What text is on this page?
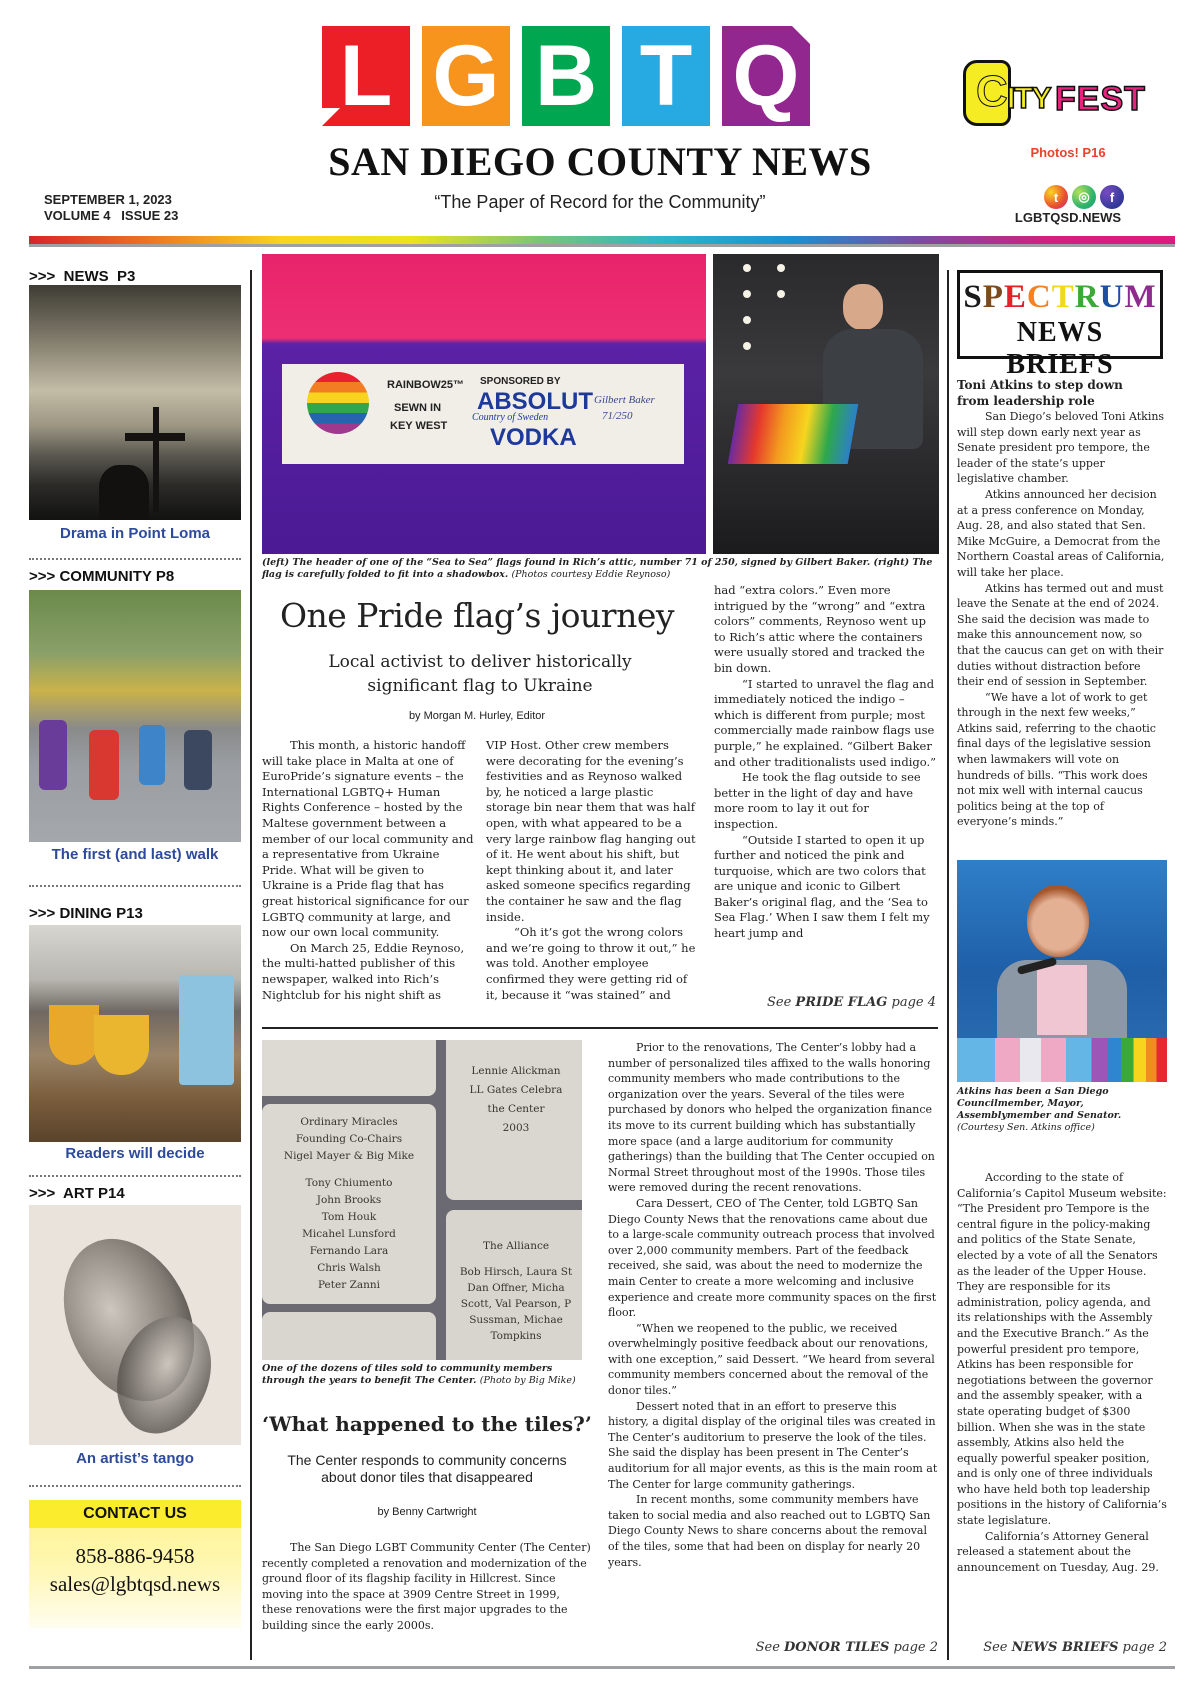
L G B T Q
SAN DIEGO COUNTY NEWS
“The Paper of Record for the Community”
SEPTEMBER 1, 2023
VOLUME 4   ISSUE 23
C ITY FEST
Photos! P16
t ◎ f
LGBTQSD.NEWS
>>>  NEWS  P3
Drama in Point Loma
>>> COMMUNITY P8
The first (and last) walk
>>> DINING P13
Readers will decide
>>>  ART P14
An artist’s tango
CONTACT US
858-886-9458
sales@lgbtqsd.news
RAINBOW25™
SEWN IN
KEY WEST
SPONSORED BY
ABSOLUT
Country of Sweden
VODKA
Gilbert Baker
71/250
(left) The header of one of the “Sea to Sea” flags found in Rich’s attic, number 71 of 250, signed by Gilbert Baker. (right) The flag is carefully folded to fit into a shadowbox. (Photos courtesy Eddie Reynoso)
One Pride flag’s journey
Local activist to deliver historically significant flag to Ukraine
by Morgan M. Hurley, Editor

This month, a historic handoff will take place in Malta at one of EuroPride’s signature events – the International LGBTQ+ Human Rights Conference – hosted by the Maltese government between a member of our local community and a representative from Ukraine Pride. What will be given to Ukraine is a Pride flag that has great historical significance for our LGBTQ community at large, and now our own local community.

On March 25, Eddie Reynoso, the multi-hatted publisher of this newspaper, walked into Rich’s Nightclub for his night shift as

VIP Host. Other crew members were decorating for the evening’s festivities and as Reynoso walked by, he noticed a large plastic storage bin near them that was half open, with what appeared to be a very large rainbow flag hanging out of it. He went about his shift, but kept thinking about it, and later asked someone specifics regarding the container he saw and the flag inside.

“Oh it’s got the wrong colors and we’re going to throw it out,” he was told. Another employee confirmed they were getting rid of it, because it “was stained” and

had “extra colors.” Even more intrigued by the “wrong” and “extra colors” comments, Reynoso went up to Rich’s attic where the containers were usually stored and tracked the bin down.

“I started to unravel the flag and immediately noticed the indigo – which is different from purple; most commercially made rainbow flags use purple,” he explained. “Gilbert Baker and other traditionalists used indigo.”

He took the flag outside to see better in the light of day and have more room to lay it out for inspection.

“Outside I started to open it up further and noticed the pink and turquoise, which are two colors that are unique and iconic to Gilbert Baker’s original flag, and the ‘Sea to Sea Flag.’ When I saw them I felt my heart jump and

See PRIDE FLAG page 4
Ordinary Miracles
Founding Co-Chairs
Nigel Mayer & Big Mike
Tony Chiumento
John Brooks
Tom Houk
Micahel Lunsford
Fernando Lara
Chris Walsh
Peter Zanni
Lennie Alickman
LL Gates Celebra
the Center
2003
The Alliance
Bob Hirsch, Laura St
Dan Offner, Micha
Scott, Val Pearson, P
Sussman, Michae
Tompkins
One of the dozens of tiles sold to community members through the years to benefit The Center. (Photo by Big Mike)
‘What happened to the tiles?’
The Center responds to community concerns about donor tiles that disappeared
by Benny Cartwright

The San Diego LGBT Community Center (The Center) recently completed a renovation and modernization of the ground floor of its flagship facility in Hillcrest. Since moving into the space at 3909 Centre Street in 1999, these renovations were the first major upgrades to the building since the early 2000s.

Prior to the renovations, The Center’s lobby had a number of personalized tiles affixed to the walls honoring community members who made contributions to the organization over the years. Several of the tiles were purchased by donors who helped the organization finance its move to its current building which has substantially more space (and a large auditorium for community gatherings) than the building that The Center occupied on Normal Street throughout most of the 1990s. Those tiles were removed during the recent renovations.

Cara Dessert, CEO of The Center, told LGBTQ San Diego County News that the renovations came about due to a large-scale community outreach process that involved over 2,000 community members. Part of the feedback received, she said, was about the need to modernize the main Center to create a more welcoming and inclusive experience and create more community spaces on the first floor.

“When we reopened to the public, we received overwhelmingly positive feedback about our renovations, with one exception,” said Dessert. “We heard from several community members concerned about the removal of the donor tiles.”

Dessert noted that in an effort to preserve this history, a digital display of the original tiles was created in The Center’s auditorium to preserve the look of the tiles. She said the display has been present in The Center’s auditorium for all major events, as this is the main room at The Center for large community gatherings.

In recent months, some community members have taken to social media and also reached out to LGBTQ San Diego County News to share concerns about the removal of the tiles, some that had been on display for nearly 20 years.

See DONOR TILES page 2
SPECTRUM
NEWS BRIEFS
Toni Atkins to step down from leadership role

San Diego’s beloved Toni Atkins will step down early next year as Senate president pro tempore, the leader of the state’s upper legislative chamber.

Atkins announced her decision at a press conference on Monday, Aug. 28, and also stated that Sen. Mike McGuire, a Democrat from the Northern Coastal areas of California, will take her place.

Atkins has termed out and must leave the Senate at the end of 2024. She said the decision was made to make this announcement now, so that the caucus can get on with their duties without distraction before their end of session in September.

“We have a lot of work to get through in the next few weeks,” Atkins said, referring to the chaotic final days of the legislative session when lawmakers will vote on hundreds of bills. “This work does not mix well with internal caucus politics being at the top of everyone’s minds.”

Atkins has been a San Diego Councilmember, Mayor, Assemblymember and Senator. (Courtesy Sen. Atkins office)

According to the state of California’s Capitol Museum website: “The President pro Tempore is the central figure in the policy-making and politics of the State Senate, elected by a vote of all the Senators as the leader of the Upper House. They are responsible for its administration, policy agenda, and its relationships with the Assembly and the Executive Branch.” As the powerful president pro tempore, Atkins has been responsible for negotiations between the governor and the assembly speaker, with a state operating budget of $300 billion. When she was in the state assembly, Atkins also held the equally powerful speaker position, and is only one of three individuals who have held both top leadership positions in the history of California’s state legislature.

California’s Attorney General released a statement about the announcement on Tuesday, Aug. 29.

See NEWS BRIEFS page 2
